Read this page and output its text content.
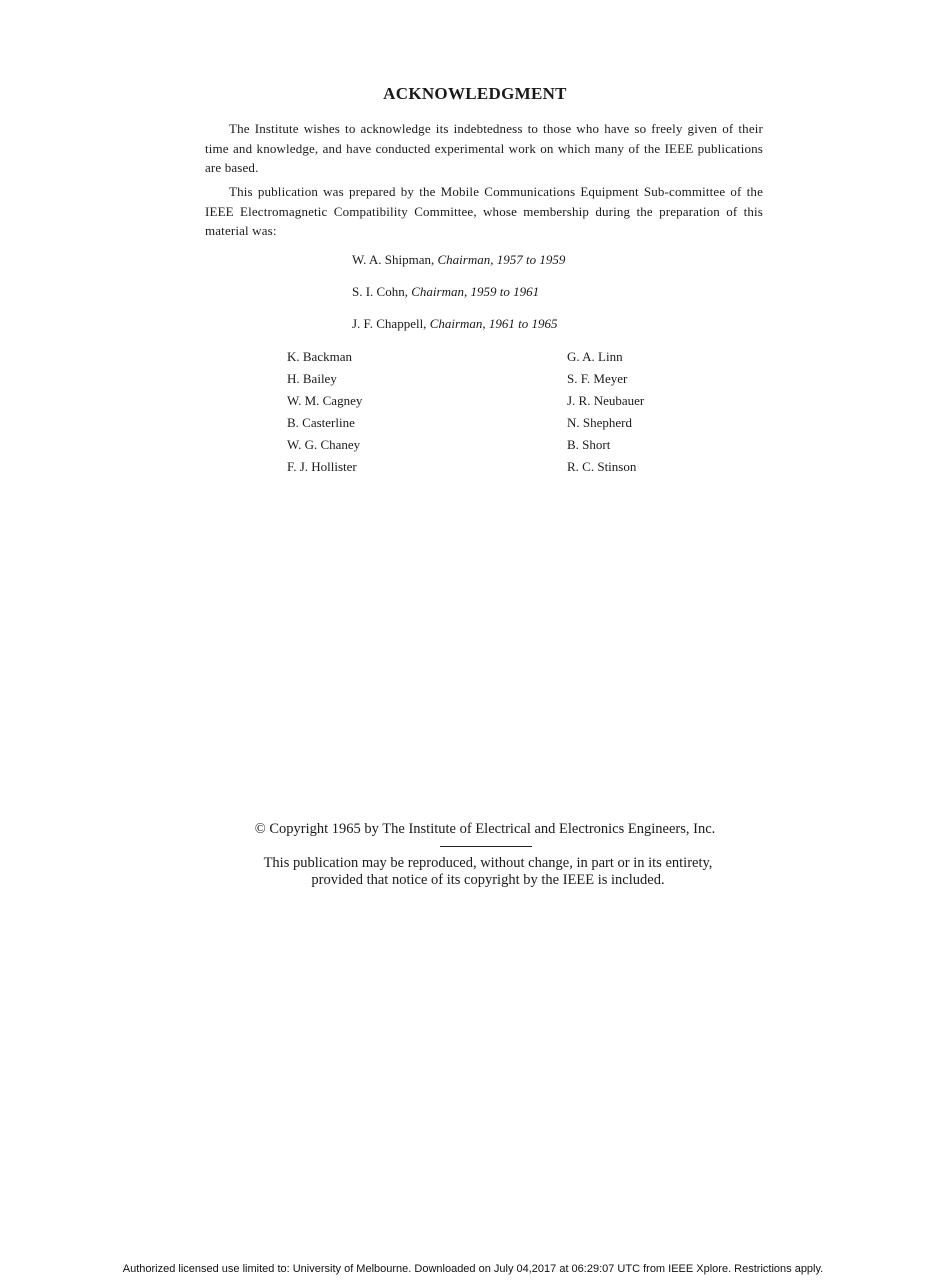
ACKNOWLEDGMENT
The Institute wishes to acknowledge its indebtedness to those who have so freely given of their time and knowledge, and have conducted experimental work on which many of the IEEE publications are based.
This publication was prepared by the Mobile Communications Equipment Sub-committee of the IEEE Electromagnetic Compatibility Committee, whose membership during the preparation of this material was:
W. A. Shipman, Chairman, 1957 to 1959
S. I. Cohn, Chairman, 1959 to 1961
J. F. Chappell, Chairman, 1961 to 1965
K. Backman
H. Bailey
W. M. Cagney
B. Casterline
W. G. Chaney
F. J. Hollister
G. A. Linn
S. F. Meyer
J. R. Neubauer
N. Shepherd
B. Short
R. C. Stinson
© Copyright 1965 by The Institute of Electrical and Electronics Engineers, Inc.
This publication may be reproduced, without change, in part or in its entirety,
provided that notice of its copyright by the IEEE is included.
Authorized licensed use limited to: University of Melbourne. Downloaded on July 04,2017 at 06:29:07 UTC from IEEE Xplore. Restrictions apply.
